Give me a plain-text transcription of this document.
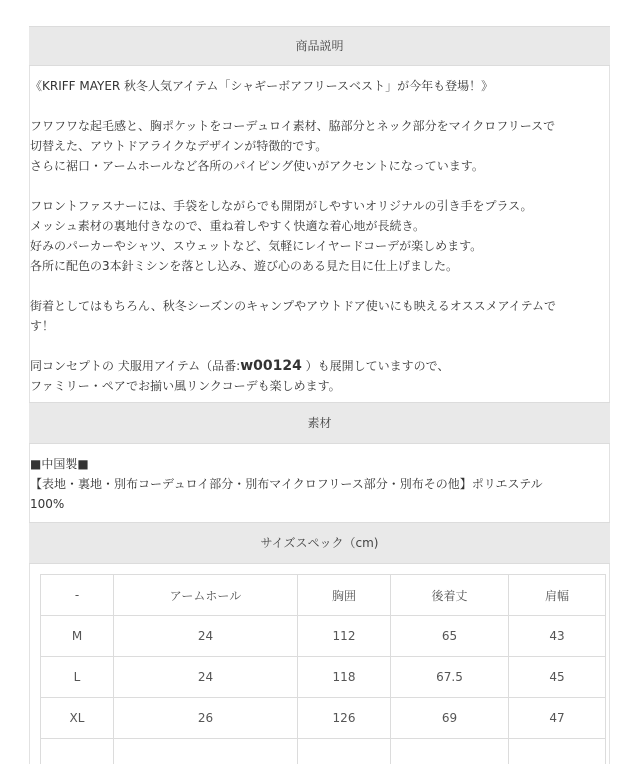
商品説明

《KRIFF MAYER 秋冬人気アイテム「シャギーボアフリースベスト」が今年も登場！》

フワフワな起毛感と、胸ポケットをコーデュロイ素材、脇部分とネック部分をマイクロフリースで
切替えた、アウトドアライクなデザインが特徴的です。
さらに裾口・アームホールなど各所のパイピング使いがアクセントになっています。

フロントファスナーには、手袋をしながらでも開閉がしやすいオリジナルの引き手をプラス。
メッシュ素材の裏地付きなので、重ね着しやすく快適な着心地が長続き。
好みのパーカーやシャツ、スウェットなど、気軽にレイヤードコーデが楽しめます。
各所に配色の3本針ミシンを落とし込み、遊び心のある見た目に仕上げました。

街着としてはもちろん、秋冬シーズンのキャンプやアウトドア使いにも映えるオススメアイテムで
す！

同コンセプトの 犬服用アイテム（品番:w00124 ）も展開していますので、
ファミリー・ペアでお揃い風リンクコーデも楽しめます。

素材
■中国製■
【表地・裏地・別布コーデュロイ部分・別布マイクロフリース部分・別布その他】ポリエステル
100%
サイズスペック（cm)
-	アームホール	胸囲	後着丈	肩幅
M	24	112	65	43
L	24	118	67.5	45
XL	26	126	69	47
